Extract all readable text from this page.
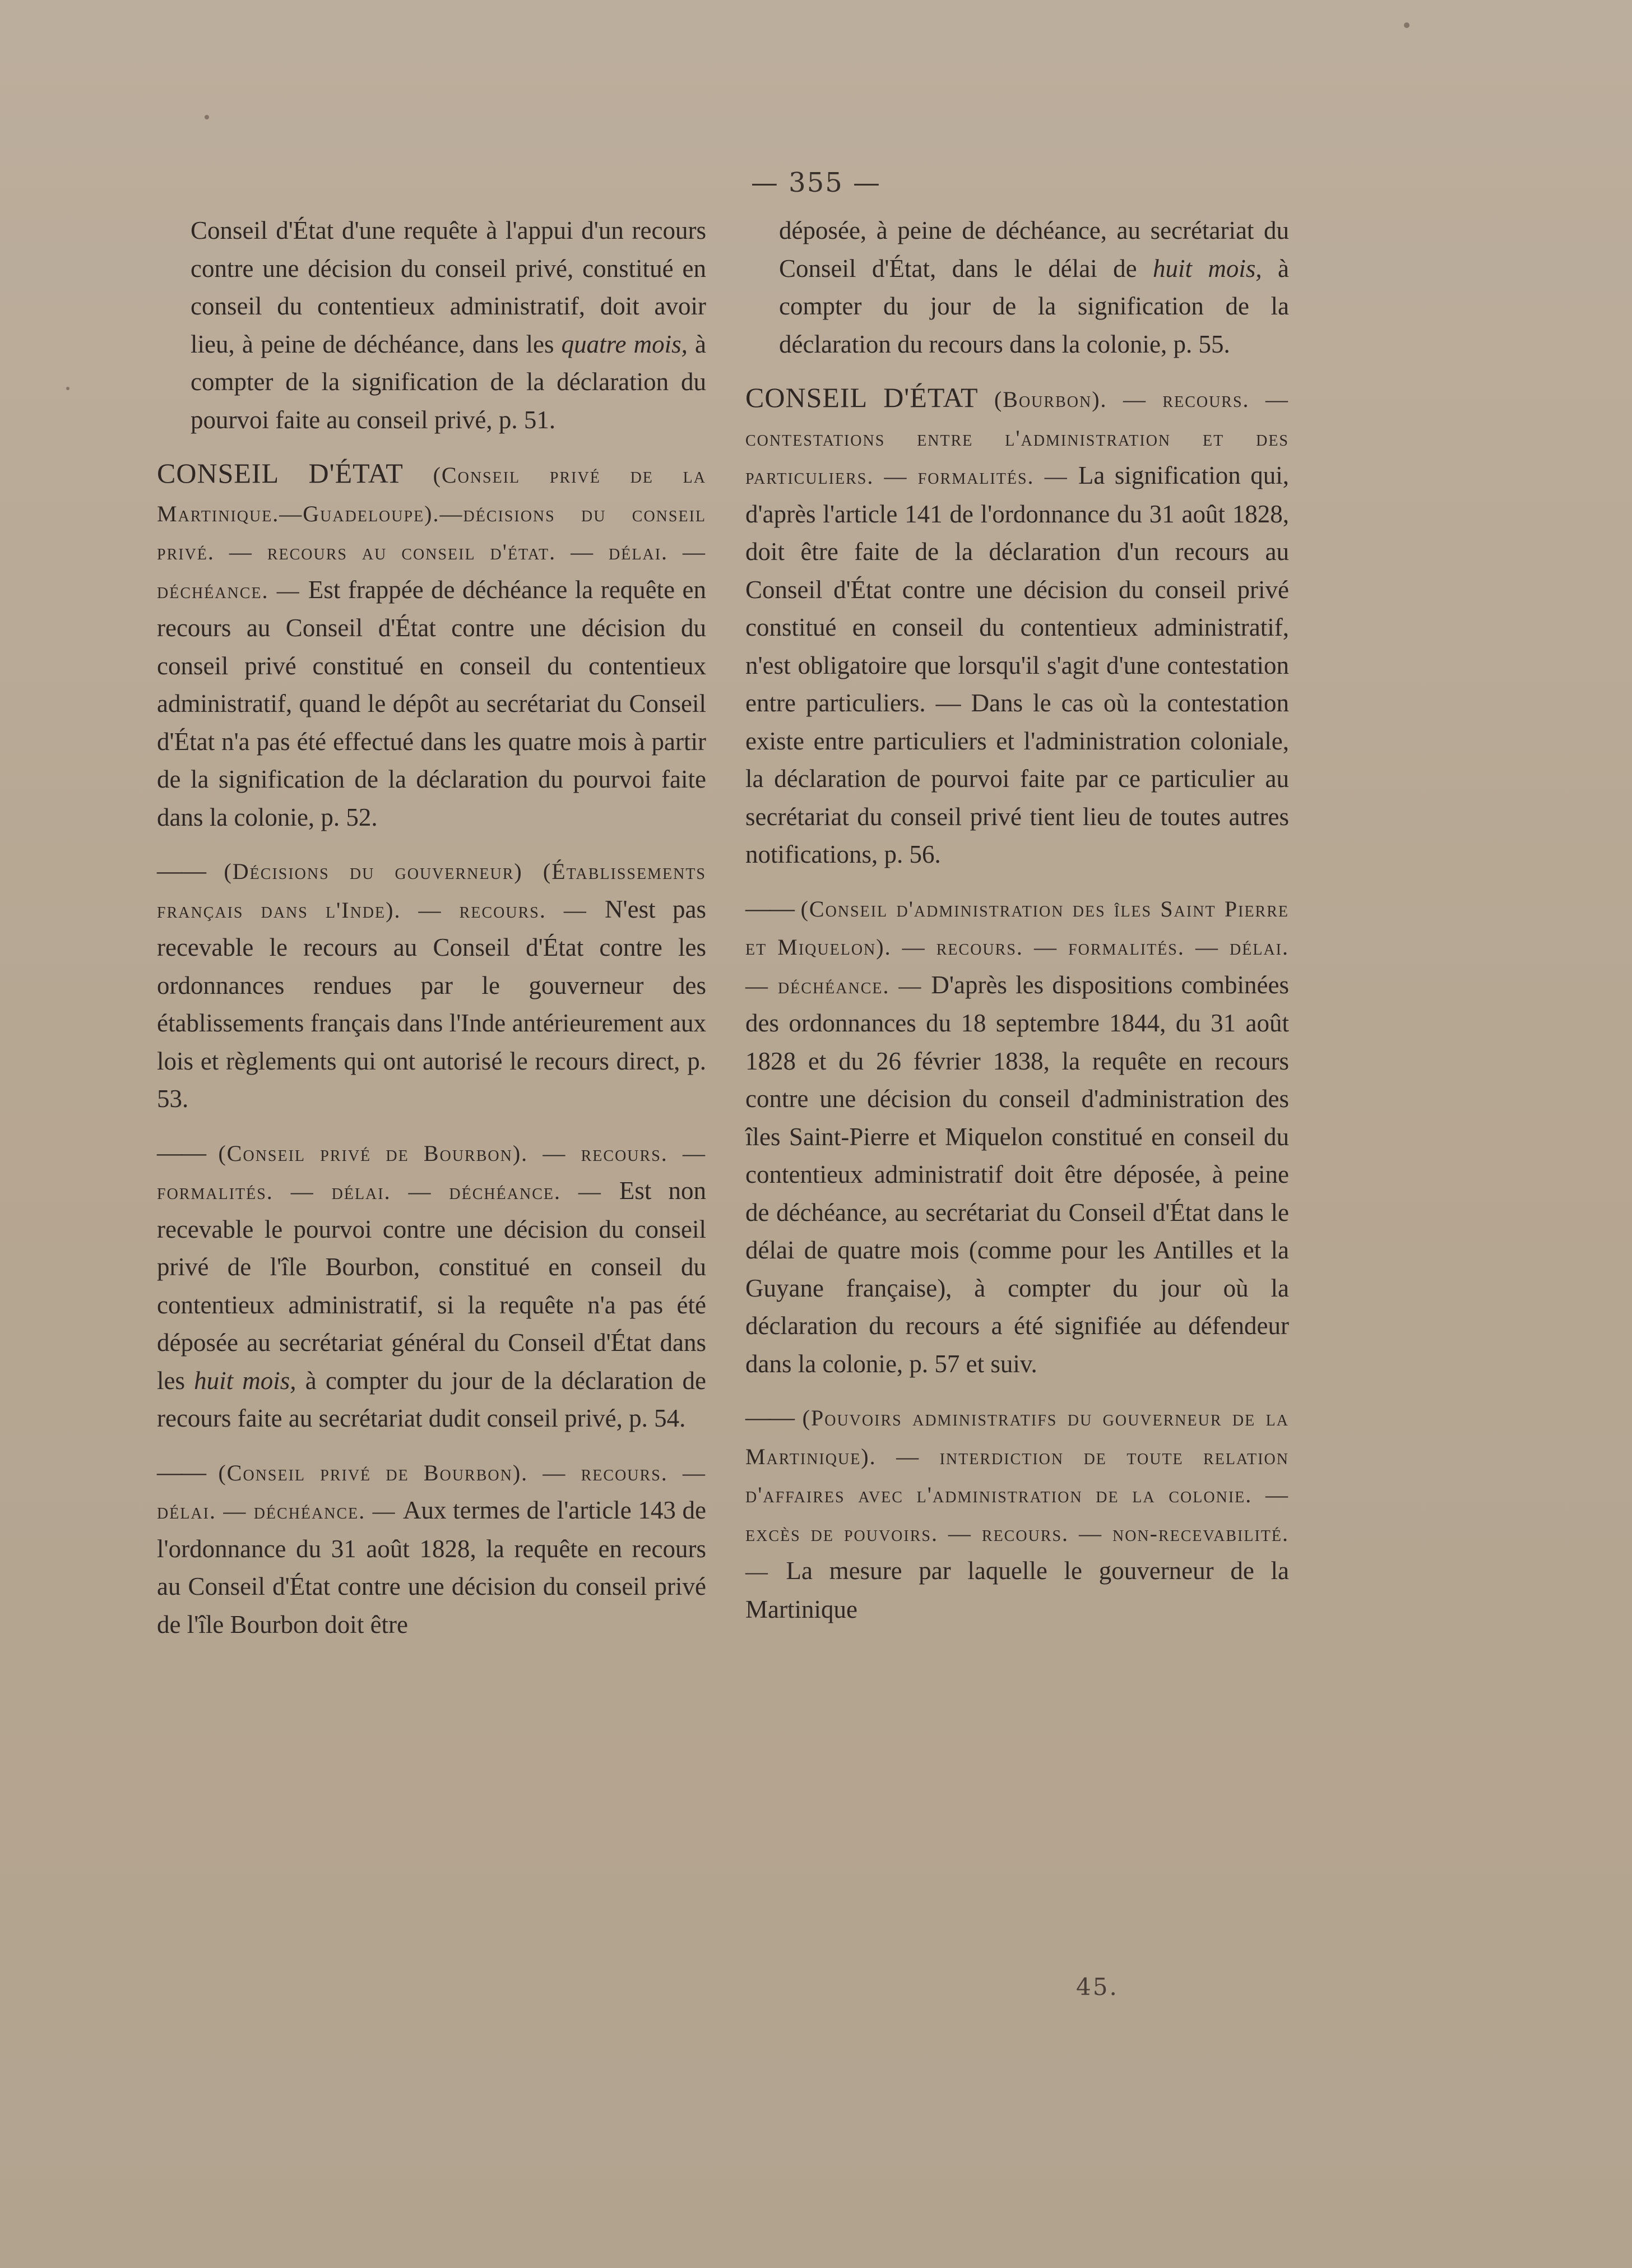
— 355 —

Conseil d'État d'une requête à l'appui d'un recours contre une décision du conseil privé, constitué en conseil du contentieux administratif, doit avoir lieu, à peine de déchéance, dans les quatre mois, à compter de la signification de la déclaration du pourvoi faite au conseil privé, p. 51.

CONSEIL D'ÉTAT (Conseil privé de la Martinique.—Guadeloupe).—décisions du conseil privé. — recours au conseil d'état. — délai. — déchéance. — Est frappée de déchéance la requête en recours au Conseil d'État contre une décision du conseil privé constitué en conseil du contentieux administratif, quand le dépôt au secrétariat du Conseil d'État n'a pas été effectué dans les quatre mois à partir de la signification de la déclaration du pourvoi faite dans la colonie, p. 52.

—— (Décisions du gouverneur) (Établissements français dans l'Inde). — recours. — N'est pas recevable le recours au Conseil d'État contre les ordonnances rendues par le gouverneur des établissements français dans l'Inde antérieurement aux lois et règlements qui ont autorisé le recours direct, p. 53.

—— (Conseil privé de Bourbon). — recours. — formalités. — délai. — déchéance. — Est non recevable le pourvoi contre une décision du conseil privé de l'île Bourbon, constitué en conseil du contentieux administratif, si la requête n'a pas été déposée au secrétariat général du Conseil d'État dans les huit mois, à compter du jour de la déclaration de recours faite au secrétariat dudit conseil privé, p. 54.

—— (Conseil privé de Bourbon). — recours. — délai. — déchéance. — Aux termes de l'article 143 de l'ordonnance du 31 août 1828, la requête en recours au Conseil d'État contre une décision du conseil privé de l'île Bourbon doit être

déposée, à peine de déchéance, au secrétariat du Conseil d'État, dans le délai de huit mois, à compter du jour de la signification de la déclaration du recours dans la colonie, p. 55.

CONSEIL D'ÉTAT (Bourbon). — recours. — contestations entre l'administration et des particuliers. — formalités. — La signification qui, d'après l'article 141 de l'ordonnance du 31 août 1828, doit être faite de la déclaration d'un recours au Conseil d'État contre une décision du conseil privé constitué en conseil du contentieux administratif, n'est obligatoire que lorsqu'il s'agit d'une contestation entre particuliers. — Dans le cas où la contestation existe entre particuliers et l'administration coloniale, la déclaration de pourvoi faite par ce particulier au secrétariat du conseil privé tient lieu de toutes autres notifications, p. 56.

—— (Conseil d'administration des îles Saint Pierre et Miquelon). — recours. — formalités. — délai. — déchéance. — D'après les dispositions combinées des ordonnances du 18 septembre 1844, du 31 août 1828 et du 26 février 1838, la requête en recours contre une décision du conseil d'administration des îles Saint-Pierre et Miquelon constitué en conseil du contentieux administratif doit être déposée, à peine de déchéance, au secrétariat du Conseil d'État dans le délai de quatre mois (comme pour les Antilles et la Guyane française), à compter du jour où la déclaration du recours a été signifiée au défendeur dans la colonie, p. 57 et suiv.

—— (Pouvoirs administratifs du gouverneur de la Martinique). — interdiction de toute relation d'affaires avec l'administration de la colonie. — excès de pouvoirs. — recours. — non-recevabilité. — La mesure par laquelle le gouverneur de la Martinique

45.
